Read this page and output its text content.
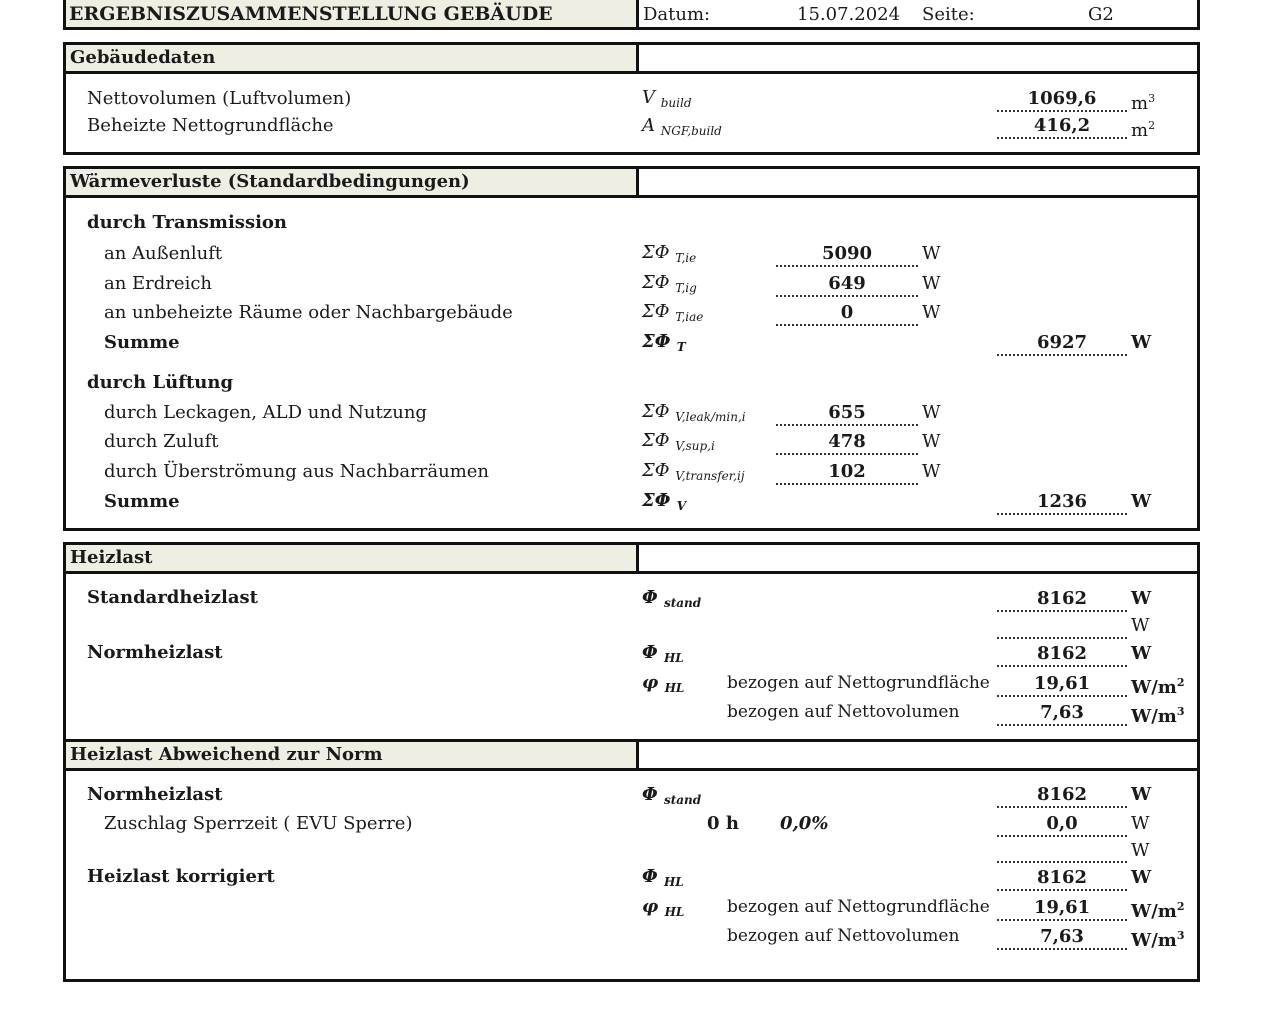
ERGEBNISZUSAMMENSTELLUNG GEBÄUDE	Datum:	15.07.2024 Seite:	G2
Gebäudedaten
Nettovolumen (Luftvolumen)	V $_{build}$	1069,6	$m^3$
Beheizte Nettogrundfläche	A $_{NGF,build}$	416,2	$m^2$
Wärmeverluste (Standardbedingungen)
durch Transmission
an Außenluft	ΣΦ $_{T,ie}$	5090	W
an Erdreich	ΣΦ $_{T,ig}$	649	W
an unbeheizte Räume oder Nachbargebäude	ΣΦ $_{T,iae}$	0	W
Summe	ΣΦ $_T$	6927	W
durch Lüftung
durch Leckagen, ALD und Nutzung	ΣΦ $_{V,leak/min,i}$	655	W
durch Zuluft	ΣΦ $_{V,sup,i}$	478	W
durch Überströmung aus Nachbarräumen	ΣΦ $_{V,transfer,ij}$	102	W
Summe	ΣΦ $_V$	1236	W
Heizlast
Standardheizlast	Φ $_{stand}$	8162	W
W
Normheizlast	Φ $_{HL}$	8162	W
φ $_{HL}$	bezogen auf Nettogrundfläche	19,61	$W/m^2$
bezogen auf Nettovolumen	7,63	$W/m^3$
Heizlast Abweichend zur Norm
Normheizlast	Φ $_{stand}$	8162	W
Zuschlag Sperrzeit ( EVU Sperre)	0 h 0,0%	0,0	W
W
Heizlast korrigiert	Φ $_{HL}$	8162	W
φ $_{HL}$	bezogen auf Nettogrundfläche	19,61	$W/m^2$
bezogen auf Nettovolumen	7,63	$W/m^3$
